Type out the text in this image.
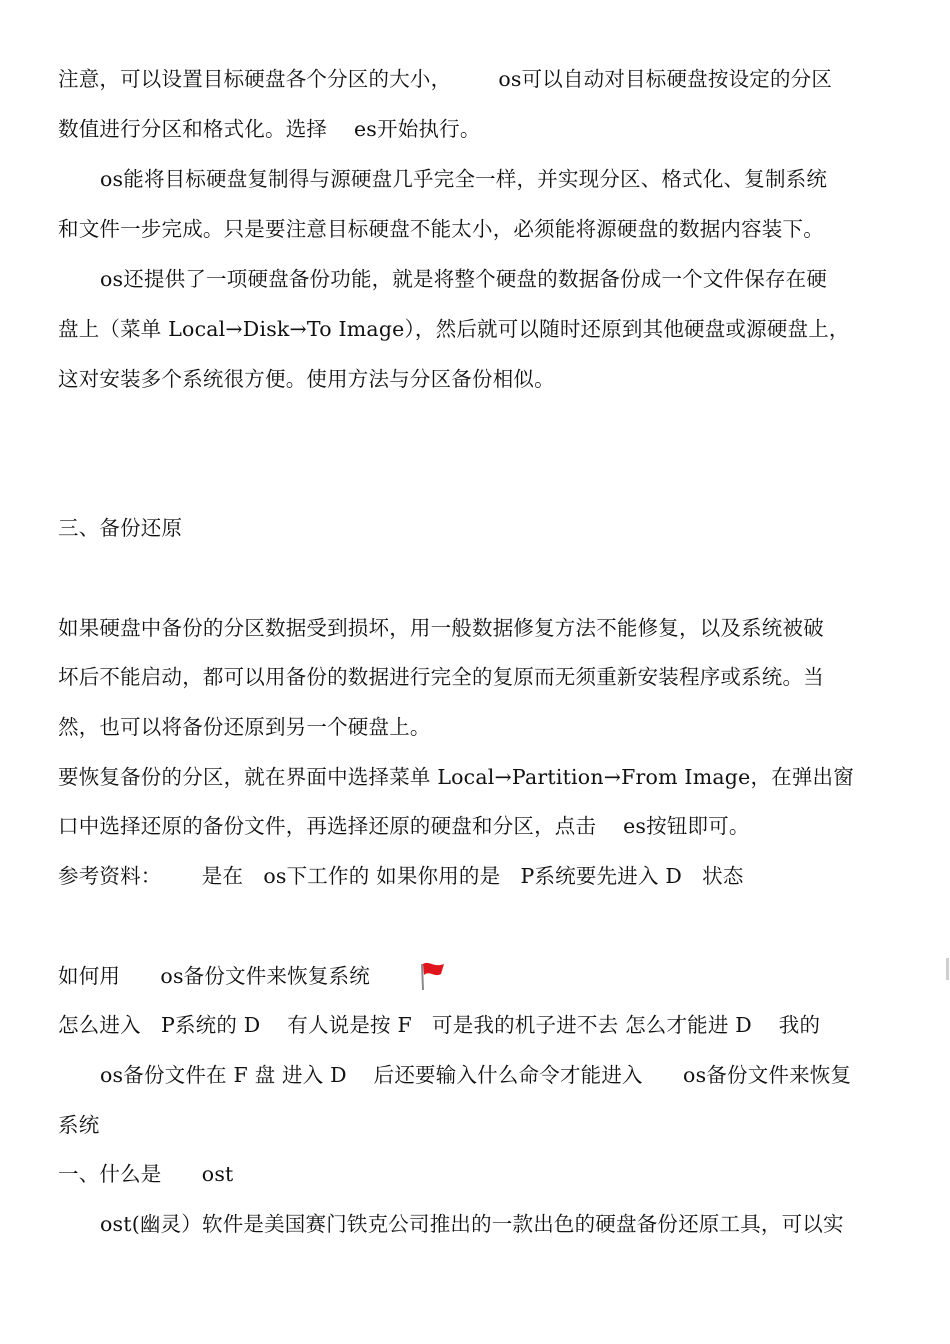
注意，可以设置目标硬盘各个分区的大小，       os可以自动对目标硬盘按设定的分区
数值进行分区和格式化。选择    es开始执行。
os能将目标硬盘复制得与源硬盘几乎完全一样，并实现分区、格式化、复制系统
和文件一步完成。只是要注意目标硬盘不能太小，必须能将源硬盘的数据内容装下。
os还提供了一项硬盘备份功能，就是将整个硬盘的数据备份成一个文件保存在硬
盘上（菜单 Local→Disk→To Image），然后就可以随时还原到其他硬盘或源硬盘上，
这对安装多个系统很方便。使用方法与分区备份相似。
三、备份还原
如果硬盘中备份的分区数据受到损坏，用一般数据修复方法不能修复，以及系统被破
坏后不能启动，都可以用备份的数据进行完全的复原而无须重新安装程序或系统。当
然，也可以将备份还原到另一个硬盘上。
要恢复备份的分区，就在界面中选择菜单 Local→Partition→From Image，在弹出窗
口中选择还原的备份文件，再选择还原的硬盘和分区，点击    es按钮即可。
参考资料：      是在   os下工作的 如果你用的是   P系统要先进入 D   状态
如何用      os备份文件来恢复系统
怎么进入   P系统的 D    有人说是按 F   可是我的机子进不去 怎么才能进 D    我的
os备份文件在 F 盘 进入 D    后还要输入什么命令才能进入      os备份文件来恢复
系统
一、什么是      ost
ost(幽灵）软件是美国赛门铁克公司推出的一款出色的硬盘备份还原工具，可以实
